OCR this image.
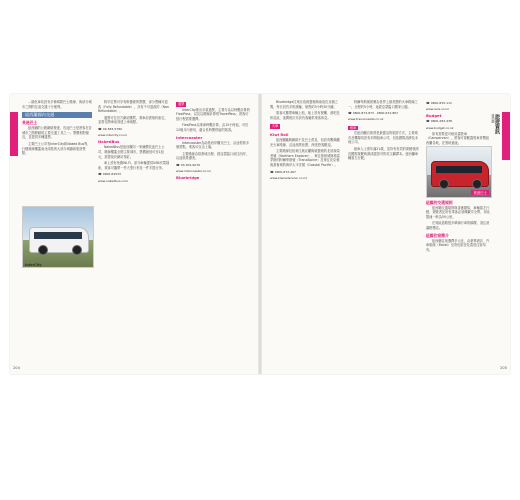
…綠色車站設有多條城際巴士路線，與部分城市之間的往返交通十分便利。

紐西蘭國內交通
長途巴士

紐西蘭的公路網絡發達，長途巴士是遊客在各城市之間移動的主要交通工具之一。票價相對便宜，並提供多種通票。

主要巴士公司有InterCity和Naked Bus等，行駛路線覆蓋南北兩島的大部分城鎮和旅遊景點。

InterCity

較早訂票可享有較優惠的票價，部分票種可退改（Fully Refundable），亦有不可退改的（Non Refundable）。

通票可在官方網站購買，乘車前需預約座位，並需在開車前到達上車地點。

☎ 09-583-5780
www.intercity.co.nz
NakedBus

NakedBus是紐西蘭另一家廉價長途巴士公司，路線覆蓋全國主要城市，票價最低可至1紐元，需提前於網站預訂。

車上設有免費Wi-Fi，部分車輛提供USB充電插座，乘客可攜帶一件大型行李及一件手提行李。

☎ 0900-62533
www.nakedbus.com
通票

InterCity推出多款通票，主要分為以時數計算的FlexiPass，以及以路線計算的TravelPass，遊客可按行程需要選擇。

FlexiPass以乘車時數計算，由15小時起，可於12個月內使用，適合長時間停留的旅客。

Intercoaster

Intercoaster為南島西岸觀光巴士，沿途停靠多個景點，乘客可自由上落。

主要路線由基督城出發，經亞瑟隘口前往西岸，沿途風景優美。

☎ 03-304-9076
www.intercoaster.co.nz
Bluebridge
204

Bluebridge往來北島威靈頓與南島皮克頓之間，每日設有多班渡輪，航程約3小時30分鐘。

旅客可攜帶車輛上船，船上設有餐廳、酒吧及休息區，夜間班次另設有客艙供乘客休息。

火車
Kiwi Rail

紐西蘭鐵路網絡不及巴士普及，但設有數條觀光火車路線，沿途風景壯麗，深受遊客歡迎。

主要路線包括來往奧克蘭與威靈頓的北部探索者號（Northern Explorer）、來往基督城與格雷茅斯的阿爾卑斯號（TranzAlpine）及來往皮克頓與基督城的海岸太平洋號（Coastal Pacific）。

☎ 0800-872-467
www.kiwirailscenic.co.nz

阿爾卑斯號被譽為世界上最美麗的火車路線之一，全程約5小時，途經亞瑟隘口國家公園。

☎ 0800-873-873 · 0800-672-867
www.transcoastal.co.nz
租車

在紐西蘭自駕遊是最靈活的旅遊方式，主要城市及機場均設有多間租車公司，包括國際品牌及本地公司。

租車人士需年滿21歲，並持有有效的駕駛執照及國際駕駛執照或經認可的英文翻譯本。紐西蘭車輛靠左行駛。

☎ 0800-655-111
www.avis.co.nz
Budget
☎ 0800-283-438
www.budget.co.nz

如有需要更可租用露營車（Campervan），遊客可駕駛露營車遊覽紐西蘭各地，在營地過夜。

紐國的交通規則

紐西蘭交通規則與香港類似，車輛靠左行駛，駕駛者及所有乘客必須佩戴安全帶，市區限速一般為50公里。

在郊區道路很多單線行車的橋樑，須注意讓路標誌。

紐國住宿簡介

紐西蘭住宿選擇多元化，由豪華酒店、汽車旅館（Motel）至背包旅舍及農莊住宿均有。

旅遊巴士
旅遊資訊
紐西蘭
205
